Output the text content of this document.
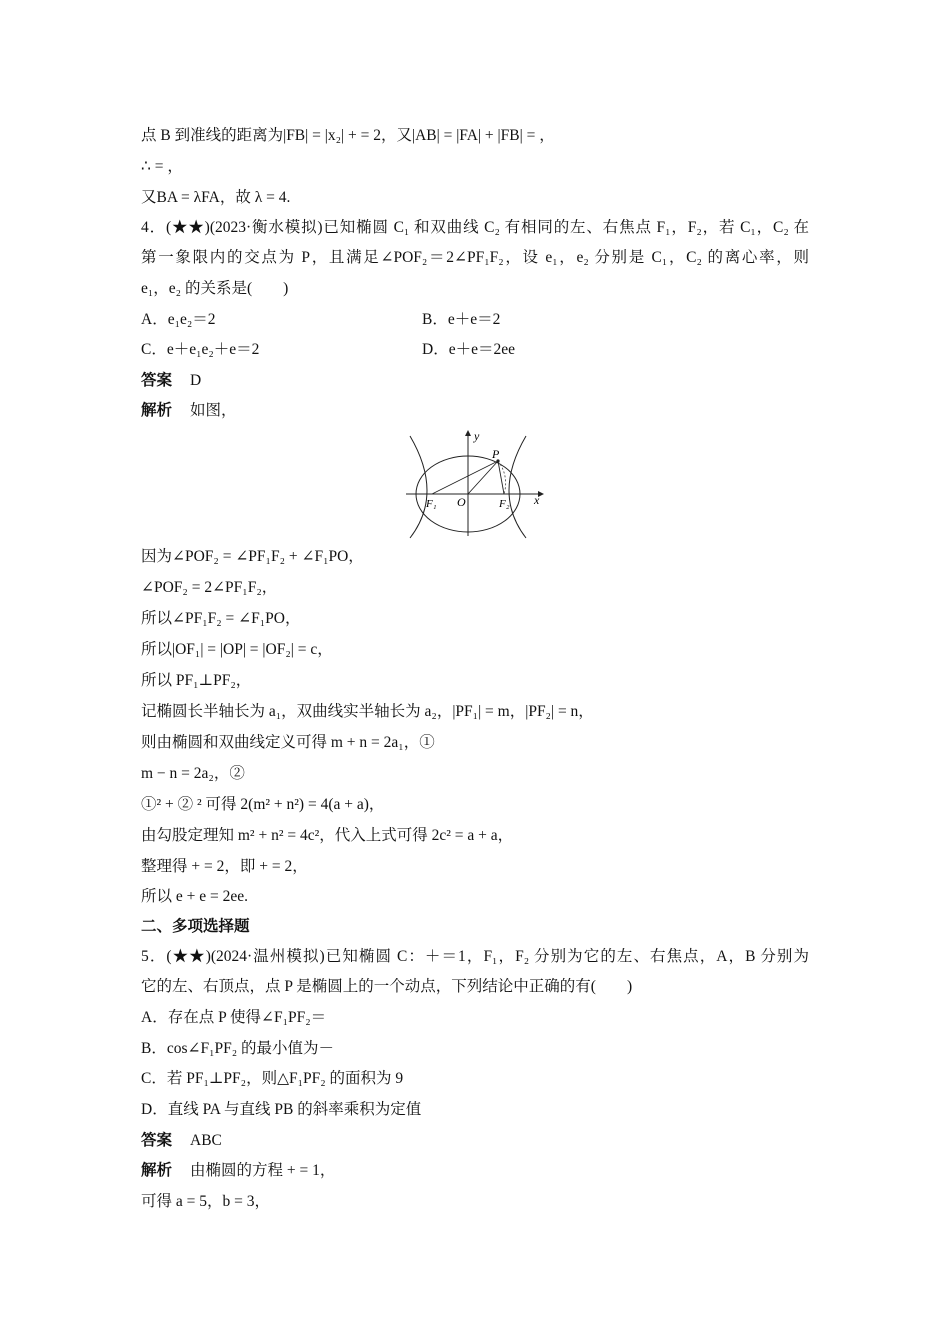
点 B 到准线的距离为|FB| = |x₂| + = 2，又|AB| = |FA| + |FB| = ，
∴ = ，
又BA = λFA，故 λ = 4.
4．(★★)(2023·衡水模拟)已知椭圆 C₁ 和双曲线 C₂ 有相同的左、右焦点 F₁，F₂，若 C₁，C₂ 在
第一象限内的交点为 P，且满足∠POF₂＝2∠PF₁F₂，设 e₁，e₂ 分别是 C₁，C₂ 的离心率，则
e₁，e₂ 的关系是(　　)
A．e₁e₂＝2	B．e＋e＝2
C．e＋e₁e₂＋e＝2	D．e＋e＝2ee
答案 D
解析 如图，
y
x
P
O
F₁	F₂
因为∠POF₂ = ∠PF₁F₂ + ∠F₁PO，
∠POF₂ = 2∠PF₁F₂，
所以∠PF₁F₂ = ∠F₁PO，
所以|OF₁| = |OP| = |OF₂| = c，
所以 PF₁⊥PF₂，
记椭圆长半轴长为 a₁，双曲线实半轴长为 a₂，|PF₁| = m，|PF₂| = n，
则由椭圆和双曲线定义可得 m + n = 2a₁，①
m − n = 2a₂，②
①² + ② ² 可得 2(m² + n²) = 4(a + a)，
由勾股定理知 m² + n² = 4c²，代入上式可得 2c² = a + a，
整理得 + = 2，即 + = 2，
所以 e + e = 2ee.
二、多项选择题
5．(★★)(2024·温州模拟)已知椭圆 C：＋＝1，F₁，F₂ 分别为它的左、右焦点，A，B 分别为
它的左、右顶点，点 P 是椭圆上的一个动点，下列结论中正确的有(　　)
A．存在点 P 使得∠F₁PF₂＝
B．cos∠F₁PF₂ 的最小值为－
C．若 PF₁⊥PF₂，则△F₁PF₂ 的面积为 9
D．直线 PA 与直线 PB 的斜率乘积为定值
答案 ABC
解析 由椭圆的方程 + = 1，
可得 a = 5，b = 3，
